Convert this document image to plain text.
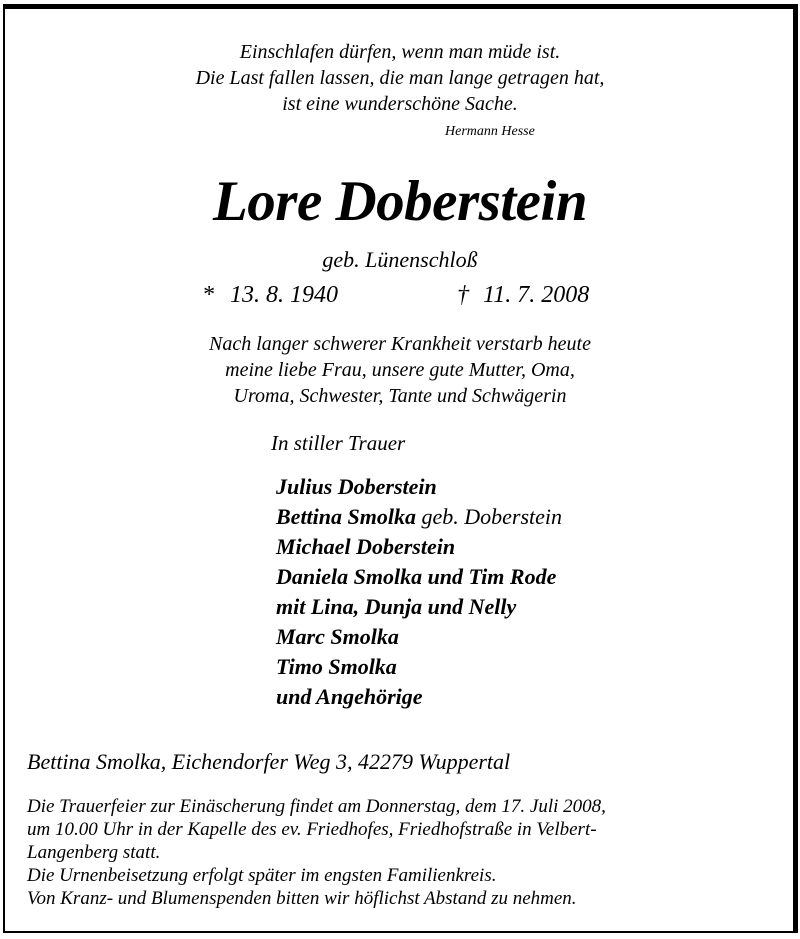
Einschlafen dürfen, wenn man müde ist.
Die Last fallen lassen, die man lange getragen hat,
ist eine wunderschöne Sache.
Hermann Hesse
Lore Doberstein
geb. Lünenschloß
* 13. 8. 1940	† 11. 7. 2008
Nach langer schwerer Krankheit verstarb heute
meine liebe Frau, unsere gute Mutter, Oma,
Uroma, Schwester, Tante und Schwägerin
In stiller Trauer
Julius Doberstein
Bettina Smolka geb. Doberstein
Michael Doberstein
Daniela Smolka und Tim Rode
mit Lina, Dunja und Nelly
Marc Smolka
Timo Smolka
und Angehörige
Bettina Smolka, Eichendorfer Weg 3, 42279 Wuppertal
Die Trauerfeier zur Einäscherung findet am Donnerstag, dem 17. Juli 2008,
um 10.00 Uhr in der Kapelle des ev. Friedhofes, Friedhofstraße in Velbert-
Langenberg statt.
Die Urnenbeisetzung erfolgt später im engsten Familienkreis.
Von Kranz- und Blumenspenden bitten wir höflichst Abstand zu nehmen.
